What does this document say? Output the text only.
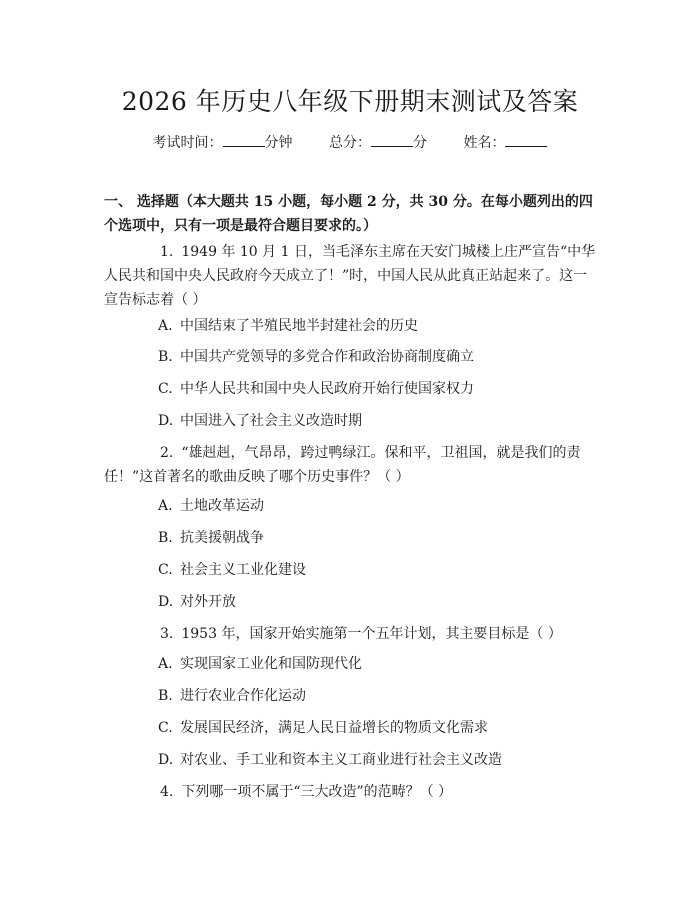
2026 年历史八年级下册期末测试及答案
考试时间：	分钟	总分：	分	姓名：
一、 选择题（本大题共 15 小题，每小题 2 分，共 30 分。在每小题列出的四个选项中，只有一项是最符合题目要求的。）
1. 1949 年 10 月 1 日，当毛泽东主席在天安门城楼上庄严宣告“中华人民共和国中央人民政府今天成立了！”时，中国人民从此真正站起来了。这一宣告标志着（ ）
A. 中国结束了半殖民地半封建社会的历史
B. 中国共产党领导的多党合作和政治协商制度确立
C. 中华人民共和国中央人民政府开始行使国家权力
D. 中国进入了社会主义改造时期
2. “雄赳赳，气昂昂，跨过鸭绿江。保和平，卫祖国，就是我们的责任！”这首著名的歌曲反映了哪个历史事件？（ ）
A. 土地改革运动
B. 抗美援朝战争
C. 社会主义工业化建设
D. 对外开放
3. 1953 年，国家开始实施第一个五年计划，其主要目标是（ ）
A. 实现国家工业化和国防现代化
B. 进行农业合作化运动
C. 发展国民经济，满足人民日益增长的物质文化需求
D. 对农业、手工业和资本主义工商业进行社会主义改造
4. 下列哪一项不属于“三大改造”的范畴？（ ）
